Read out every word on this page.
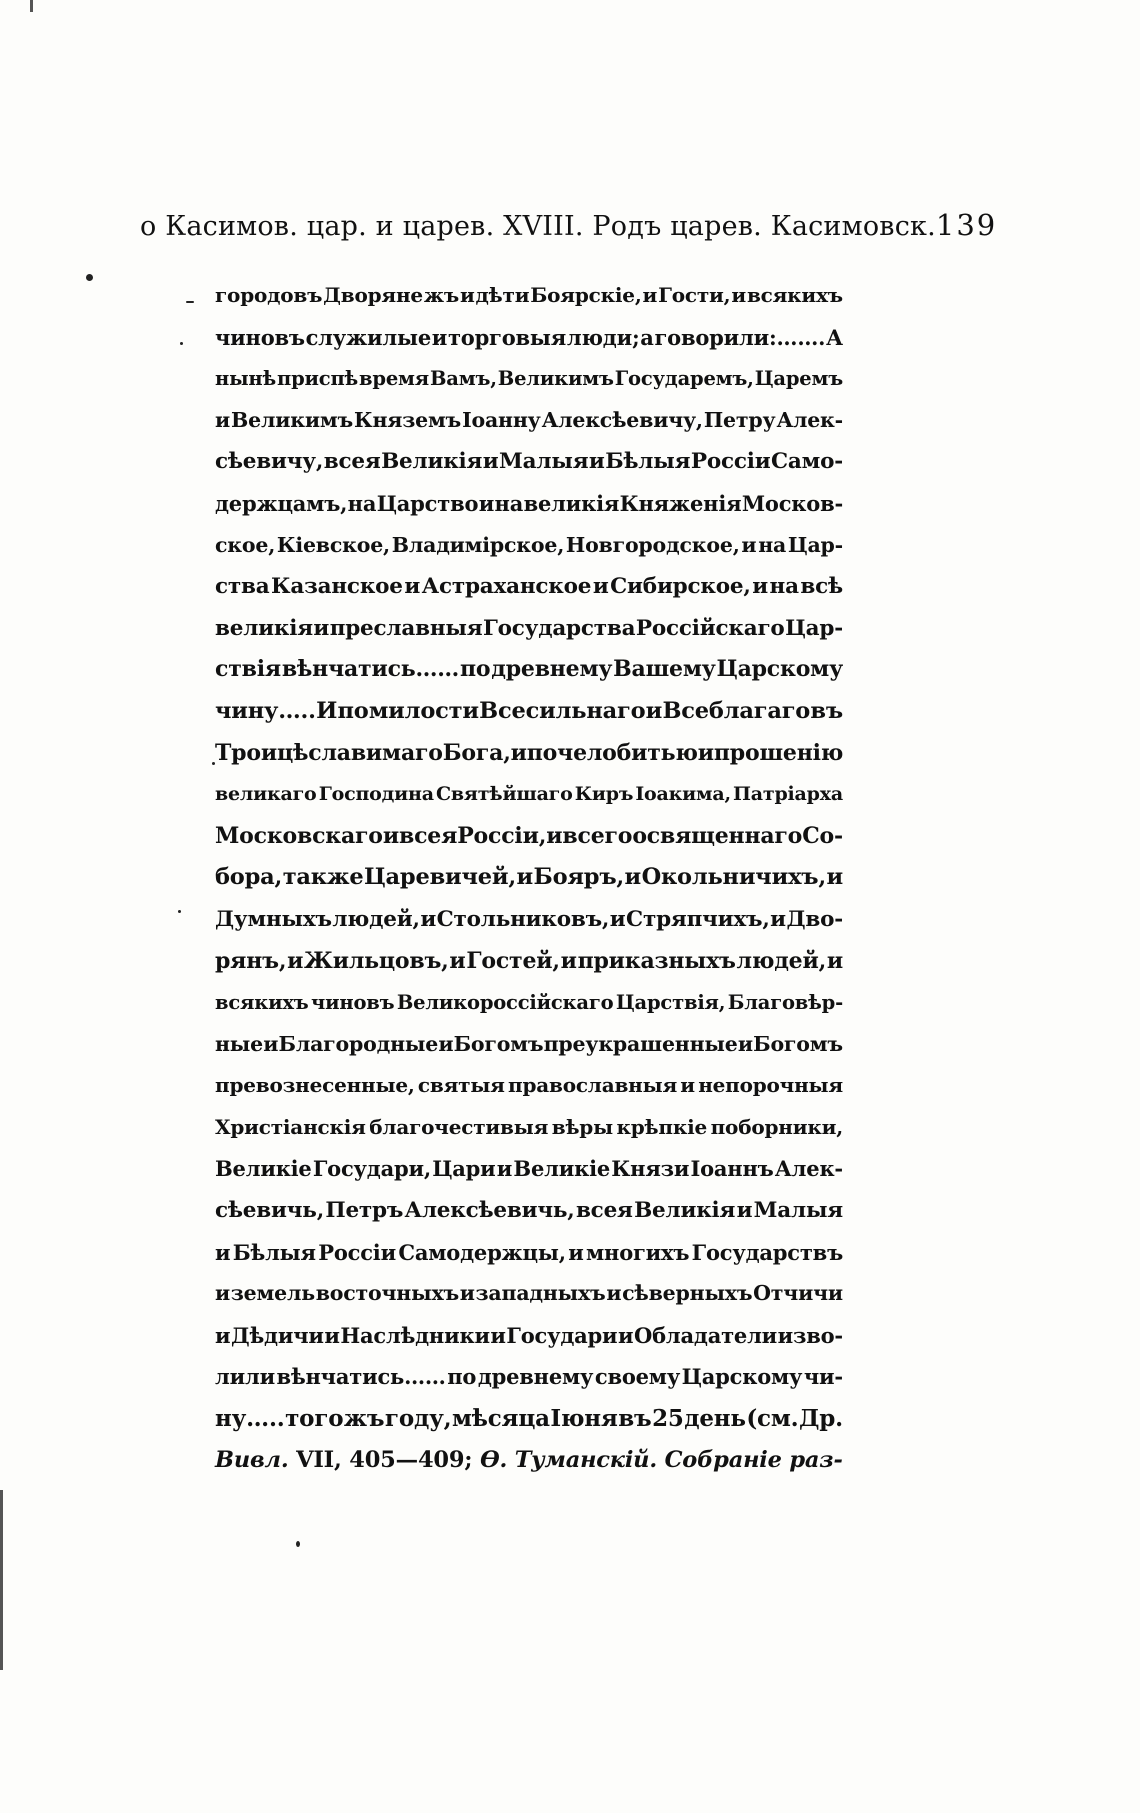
о Касимов. цар. и царев. XVIII. Родъ царев. Касимовск. 139
городовъ Дворяне жъ и дѣти Боярскіе, и Гости, и всякихъ
чиновъ служилые и торговыя люди; а говорили:……. А
нынѣ приспѣ время Вамъ, Великимъ Государемъ, Царемъ
и Великимъ Княземъ Іоанну Алексѣевичу, Петру Алек-
сѣевичу, всея Великія и Малыя и Бѣлыя Россіи Само-
держцамъ, на Царство и на великія Княженія Москов-
ское, Кіевское, Владимірское, Новгородское, и на Цар-
ства Казанское и Астраханское и Сибирское, и на всѣ
великія и преславныя Государства Россійскаго Цар-
ствія вѣнчатись…… по древнему Вашему Царскому
чину….. И по милости Всесильнаго и Всеблагаго въ
Троицѣ славимаго Бога, и по челобитью и прошенію
великаго Господина Святѣйшаго Киръ Іоакима, Патріарха
Московскаго и всея Россіи, и всего освященнаго Со-
бора, также Царевичей, и Бояръ, и Окольничихъ, и
Думныхъ людей, и Стольниковъ, и Стряпчихъ, и Дво-
рянъ, и Жильцовъ, и Гостей, и приказныхъ людей, и
всякихъ чиновъ Великороссійскаго Царствія, Благовѣр-
ные и Благородные и Богомъ преукрашенные и Богомъ
превознесенные, святыя православныя и непорочныя
Христіанскія благочестивыя вѣры крѣпкіе поборники,
Великіе Государи, Цари и Великіе Князи Іоаннъ Алек-
сѣевичь, Петръ Алексѣевичь, всея Великія и Малыя
и Бѣлыя Россіи Самодержцы, и многихъ Государствъ
и земель восточныхъ и западныхъ и сѣверныхъ Отчичи
и Дѣдичи и Наслѣдники и Государи и Обладатели изво-
лили вѣнчатись…… по древнему своему Царскому чи-
ну….. того жъ году, мѣсяца Іюня въ 25 день (см. Др.
Вивл. VII, 405—409; Ѳ. Туманскій. Собраніе раз-
